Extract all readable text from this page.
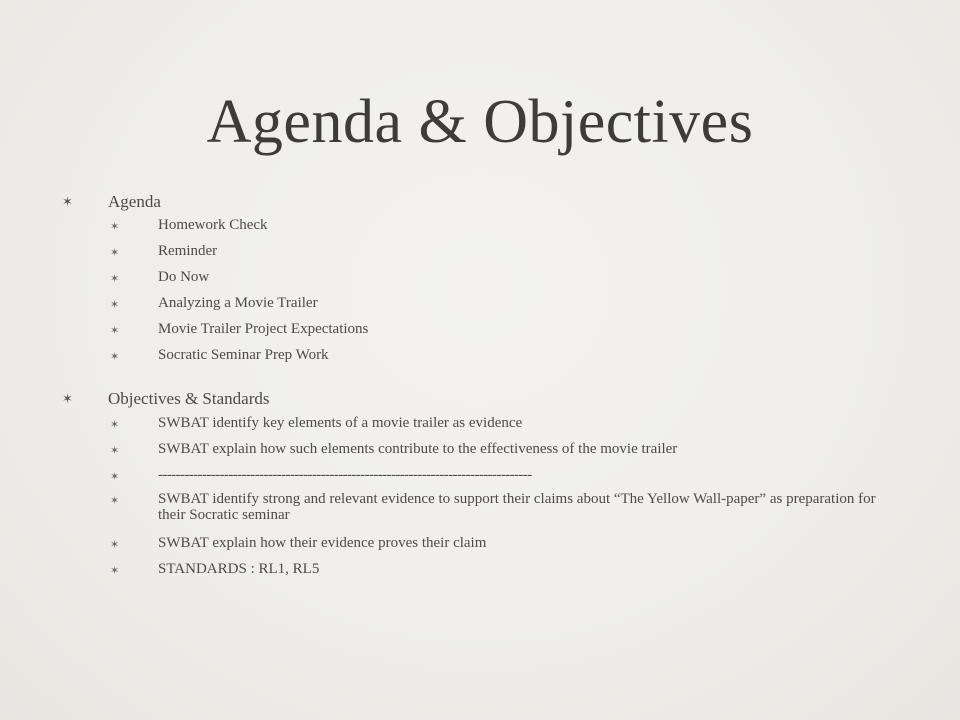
Agenda & Objectives
✶	Agenda
✶	Homework Check
✶	Reminder
✶	Do Now
✶	Analyzing a Movie Trailer
✶	Movie Trailer Project Expectations
✶	Socratic Seminar Prep Work
✶	Objectives & Standards
✶	SWBAT identify key elements of a movie trailer as evidence
✶	SWBAT explain how such elements contribute to the effectiveness of the movie trailer
✶	-------------------------------------------------------------------------------------
✶	SWBAT identify strong and relevant evidence to support their claims about “The Yellow Wall-paper” as preparation for their Socratic seminar
✶	SWBAT explain how their evidence proves their claim
✶	STANDARDS : RL1, RL5
